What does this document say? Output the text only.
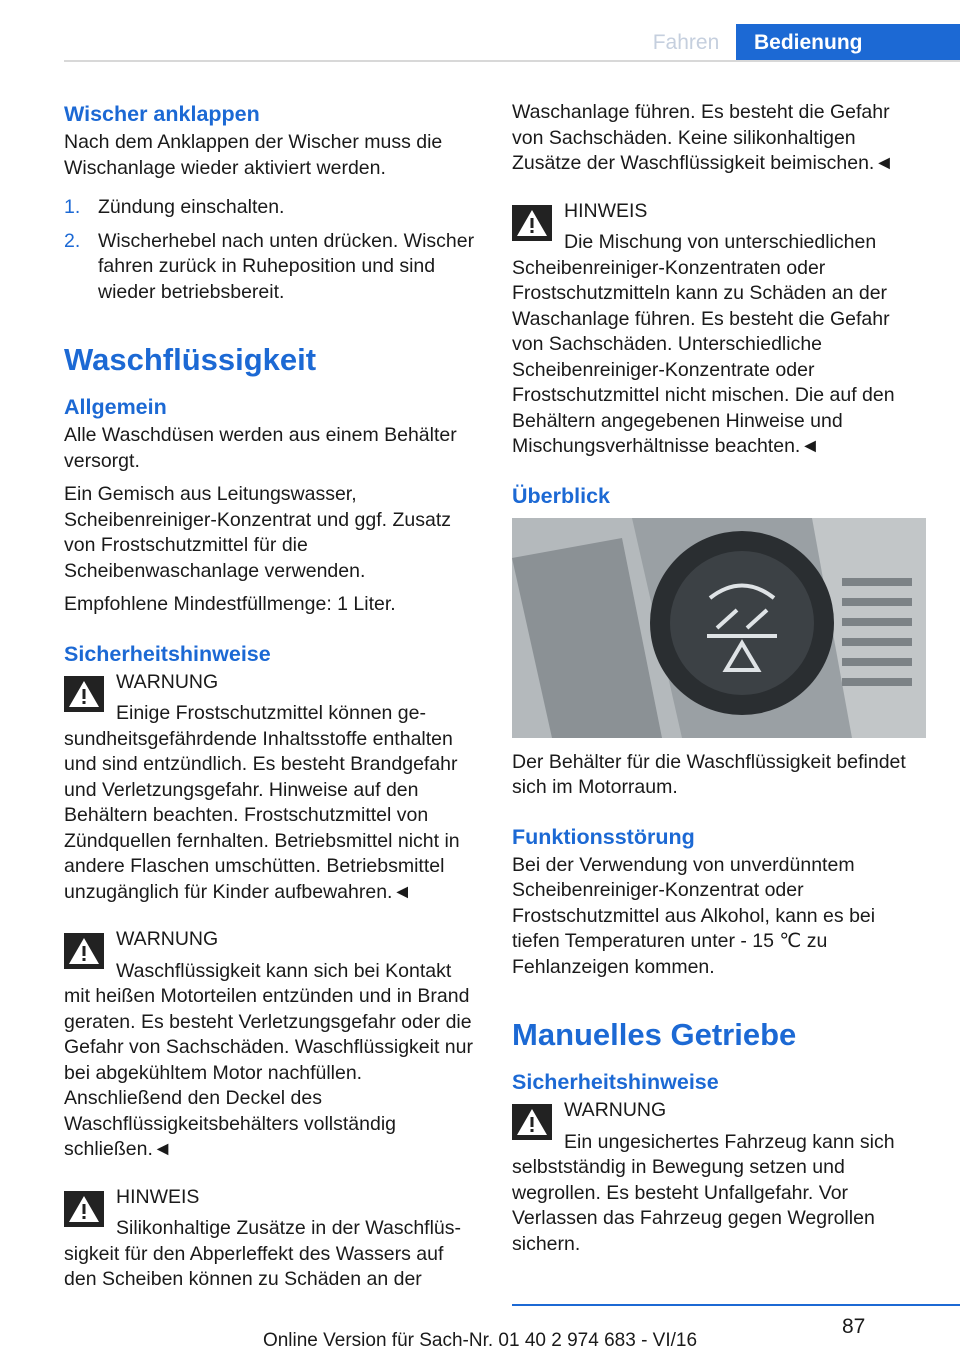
Fahren	Bedienung
Wischer anklappen

Nach dem Anklappen der Wischer muss die Wischanlage wieder aktiviert werden.

1. Zündung einschalten.
2. Wischerhebel nach unten drücken. Wischer fahren zurück in Ruheposition und sind wieder betriebsbereit.
Waschflüssigkeit
Allgemein

Alle Waschdüsen werden aus einem Behälter versorgt.

Ein Gemisch aus Leitungswasser, Scheibenreiniger-Konzentrat und ggf. Zusatz von Frostschutzmittel für die Scheibenwaschanlage verwenden.

Empfohlene Mindestfüllmenge: 1 Liter.

Sicherheitshinweise
WARNUNG
Einige Frostschutzmittel können ge-
sundheitsgefährdende Inhaltsstoffe enthalten und sind entzündlich. Es besteht Brandgefahr und Verletzungsgefahr. Hinweise auf den Behältern beachten. Frostschutzmittel von Zündquellen fernhalten. Betriebsmittel nicht in andere Flaschen umschütten. Betriebsmittel unzugänglich für Kinder aufbewahren.◄
WARNUNG
Waschflüssigkeit kann sich bei Kontakt
mit heißen Motorteilen entzünden und in Brand geraten. Es besteht Verletzungsgefahr oder die Gefahr von Sachschäden. Waschflüssigkeit nur bei abgekühltem Motor nachfüllen. Anschließend den Deckel des Waschflüssigkeitsbehälters vollständig schließen.◄
HINWEIS
Silikonhaltige Zusätze in der Waschflüs-
sigkeit für den Abperleffekt des Wassers auf den Scheiben können zu Schäden an der

Waschanlage führen. Es besteht die Gefahr von Sachschäden. Keine silikonhaltigen Zusätze der Waschflüssigkeit beimischen.◄

HINWEIS
Die Mischung von unterschiedlichen
Scheibenreiniger-Konzentraten oder Frostschutzmitteln kann zu Schäden an der Waschanlage führen. Es besteht die Gefahr von Sachschäden. Unterschiedliche Scheibenreiniger-Konzentrate oder Frostschutzmittel nicht mischen. Die auf den Behältern angegebenen Hinweise und Mischungsverhältnisse beachten.◄
Überblick

Der Behälter für die Waschflüssigkeit befindet sich im Motorraum.

Funktionsstörung

Bei der Verwendung von unverdünntem Scheibenreiniger-Konzentrat oder Frostschutzmittel aus Alkohol, kann es bei tiefen Temperaturen unter - 15 ℃ zu Fehlanzeigen kommen.

Manuelles Getriebe
Sicherheitshinweise
WARNUNG
Ein ungesichertes Fahrzeug kann sich
selbstständig in Bewegung setzen und wegrollen. Es besteht Unfallgefahr. Vor Verlassen das Fahrzeug gegen Wegrollen sichern.
87
Online Version für Sach-Nr. 01 40 2 974 683 - VI/16
